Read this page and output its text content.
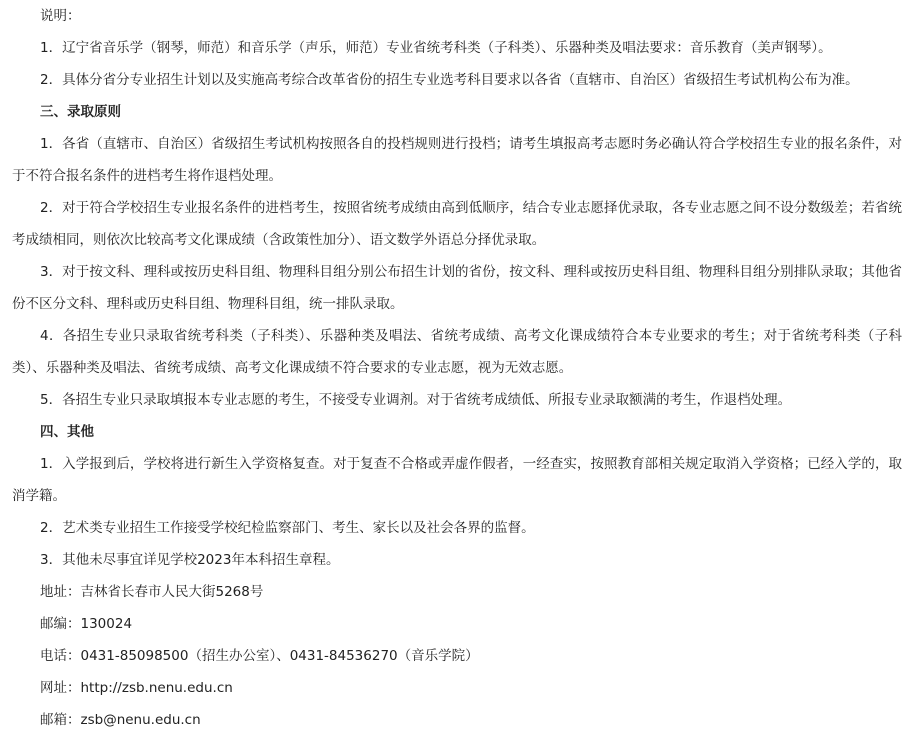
说明：
1．辽宁省音乐学（钢琴，师范）和音乐学（声乐，师范）专业省统考科类（子科类）、乐器种类及唱法要求：音乐教育（美声钢琴）。
2．具体分省分专业招生计划以及实施高考综合改革省份的招生专业选考科目要求以各省（直辖市、自治区）省级招生考试机构公布为准。
三、录取原则
1．各省（直辖市、自治区）省级招生考试机构按照各自的投档规则进行投档；请考生填报高考志愿时务必确认符合学校招生专业的报名条件，对于不符合报名条件的进档考生将作退档处理。
2．对于符合学校招生专业报名条件的进档考生，按照省统考成绩由高到低顺序，结合专业志愿择优录取，各专业志愿之间不设分数级差；若省统考成绩相同，则依次比较高考文化课成绩（含政策性加分）、语文数学外语总分择优录取。
3．对于按文科、理科或按历史科目组、物理科目组分别公布招生计划的省份，按文科、理科或按历史科目组、物理科目组分别排队录取；其他省份不区分文科、理科或历史科目组、物理科目组，统一排队录取。
4．各招生专业只录取省统考科类（子科类）、乐器种类及唱法、省统考成绩、高考文化课成绩符合本专业要求的考生；对于省统考科类（子科类）、乐器种类及唱法、省统考成绩、高考文化课成绩不符合要求的专业志愿，视为无效志愿。
5．各招生专业只录取填报本专业志愿的考生，不接受专业调剂。对于省统考成绩低、所报专业录取额满的考生，作退档处理。
四、其他
1．入学报到后，学校将进行新生入学资格复查。对于复查不合格或弄虚作假者，一经查实，按照教育部相关规定取消入学资格；已经入学的，取消学籍。
2．艺术类专业招生工作接受学校纪检监察部门、考生、家长以及社会各界的监督。
3．其他未尽事宜详见学校2023年本科招生章程。
地址：吉林省长春市人民大街5268号
邮编：130024
电话：0431-85098500（招生办公室）、0431-84536270（音乐学院）
网址：http://zsb.nenu.edu.cn
邮箱：zsb@nenu.edu.cn
